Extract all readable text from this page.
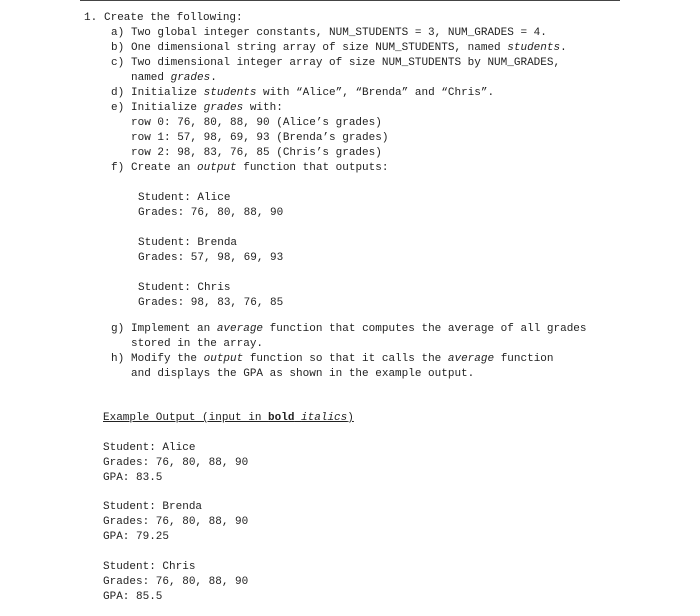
1. Create the following:
a) Two global integer constants, NUM_STUDENTS = 3, NUM_GRADES = 4.
b) One dimensional string array of size NUM_STUDENTS, named students.
c) Two dimensional integer array of size NUM_STUDENTS by NUM_GRADES,
named grades.
d) Initialize students with “Alice”, “Brenda” and “Chris”.
e) Initialize grades with:
row 0: 76, 80, 88, 90 (Alice’s grades)
row 1: 57, 98, 69, 93 (Brenda’s grades)
row 2: 98, 83, 76, 85 (Chris’s grades)
f) Create an output function that outputs:
Student: Alice
Grades: 76, 80, 88, 90
Student: Brenda
Grades: 57, 98, 69, 93
Student: Chris
Grades: 98, 83, 76, 85
g) Implement an average function that computes the average of all grades
stored in the array.
h) Modify the output function so that it calls the average function
and displays the GPA as shown in the example output.
Example Output (input in bold italics)
Student: Alice
Grades: 76, 80, 88, 90
GPA: 83.5
Student: Brenda
Grades: 76, 80, 88, 90
GPA: 79.25
Student: Chris
Grades: 76, 80, 88, 90
GPA: 85.5
